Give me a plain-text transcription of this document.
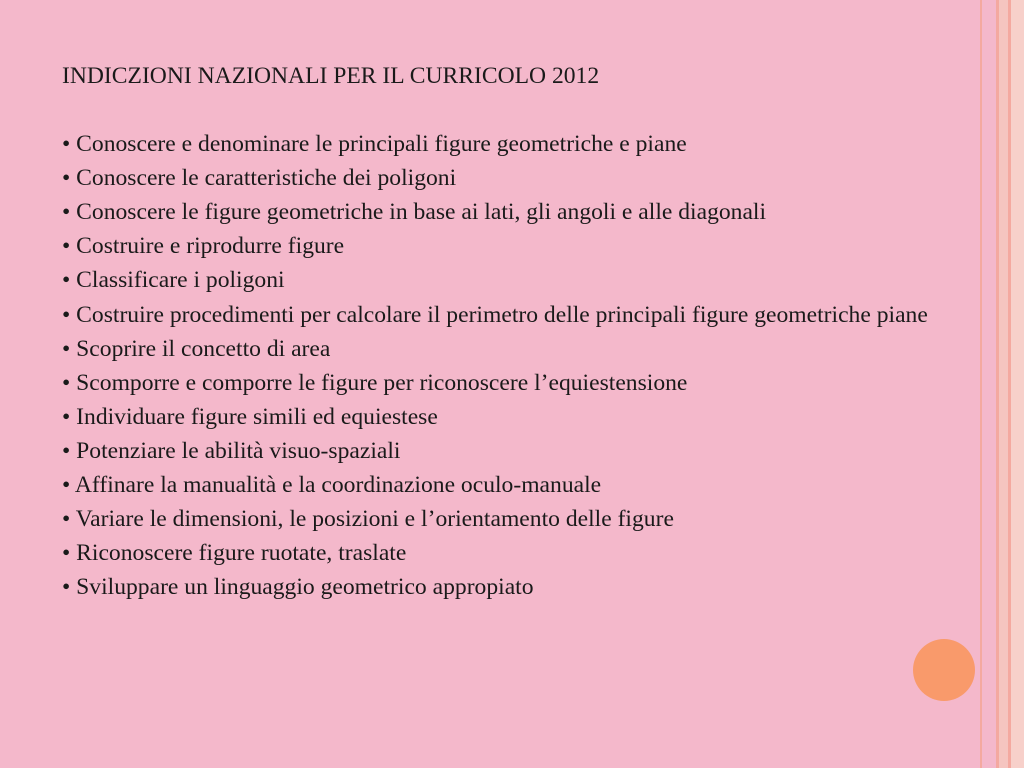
INDICZIONI NAZIONALI PER IL CURRICOLO 2012
• Conoscere e denominare le principali figure geometriche e piane
• Conoscere le caratteristiche dei poligoni
• Conoscere le figure geometriche in base ai lati, gli angoli e alle diagonali
• Costruire e riprodurre figure
• Classificare i poligoni
• Costruire procedimenti per calcolare il perimetro delle principali figure geometriche piane
• Scoprire il concetto di area
• Scomporre e comporre le figure per riconoscere l’equiestensione
• Individuare figure simili ed equiestese
• Potenziare le abilità visuo-spaziali
• Affinare la manualità e la coordinazione oculo-manuale
• Variare le dimensioni, le posizioni e l’orientamento delle figure
• Riconoscere figure ruotate, traslate
• Sviluppare un linguaggio geometrico appropiato
